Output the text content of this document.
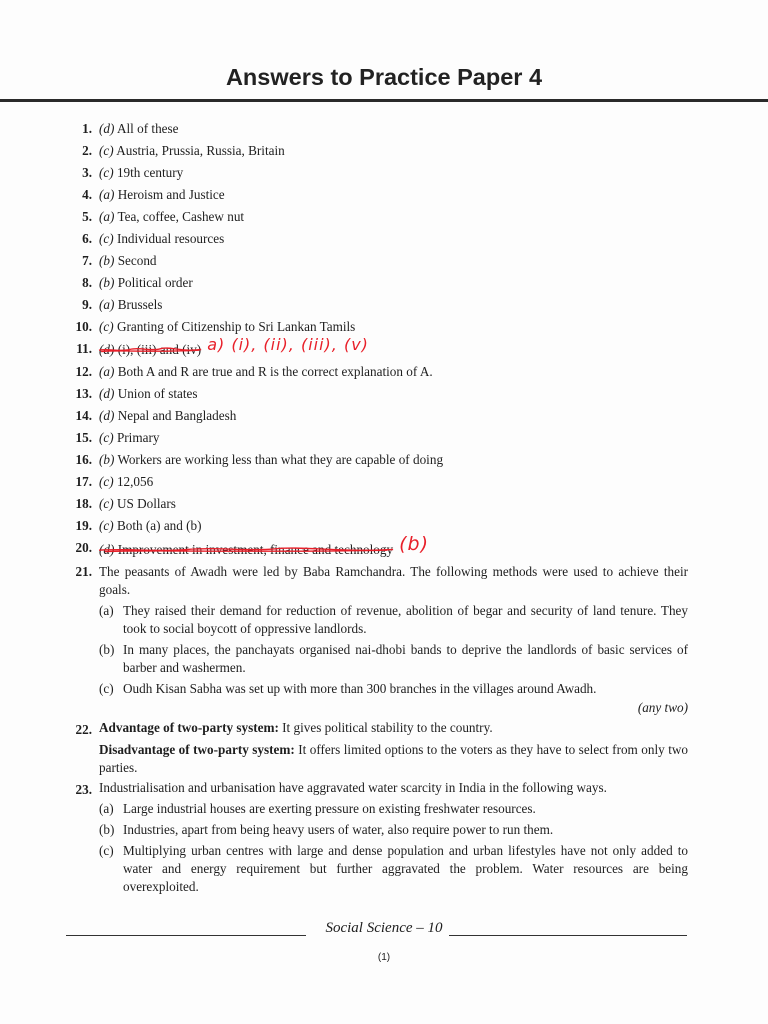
Answers to Practice Paper 4
1. (d) All of these
2. (c) Austria, Prussia, Russia, Britain
3. (c) 19th century
4. (a) Heroism and Justice
5. (a) Tea, coffee, Cashew nut
6. (c) Individual resources
7. (b) Second
8. (b) Political order
9. (a) Brussels
10. (c) Granting of Citizenship to Sri Lankan Tamils
11. (d) (i), (iii) and (iv) a) (i), (ii), (iii), (v)
12. (a) Both A and R are true and R is the correct explanation of A.
13. (d) Union of states
14. (d) Nepal and Bangladesh
15. (c) Primary
16. (b) Workers are working less than what they are capable of doing
17. (c) 12,056
18. (c) US Dollars
19. (c) Both (a) and (b)
20. (d) Improvement in investment, finance and technology (b)
21. The peasants of Awadh were led by Baba Ramchandra. The following methods were used to achieve their goals.
(a) They raised their demand for reduction of revenue, abolition of begar and security of land tenure. They took to social boycott of oppressive landlords.
(b) In many places, the panchayats organised nai-dhobi bands to deprive the landlords of basic services of barber and washermen.
(c) Oudh Kisan Sabha was set up with more than 300 branches in the villages around Awadh.
(any two)
22. Advantage of two-party system: It gives political stability to the country.
Disadvantage of two-party system: It offers limited options to the voters as they have to select from only two parties.
23. Industrialisation and urbanisation have aggravated water scarcity in India in the following ways.
(a) Large industrial houses are exerting pressure on existing freshwater resources.
(b) Industries, apart from being heavy users of water, also require power to run them.
(c) Multiplying urban centres with large and dense population and urban lifestyles have not only added to water and energy requirement but further aggravated the problem. Water resources are being overexploited.
Social Science – 10
(1)
